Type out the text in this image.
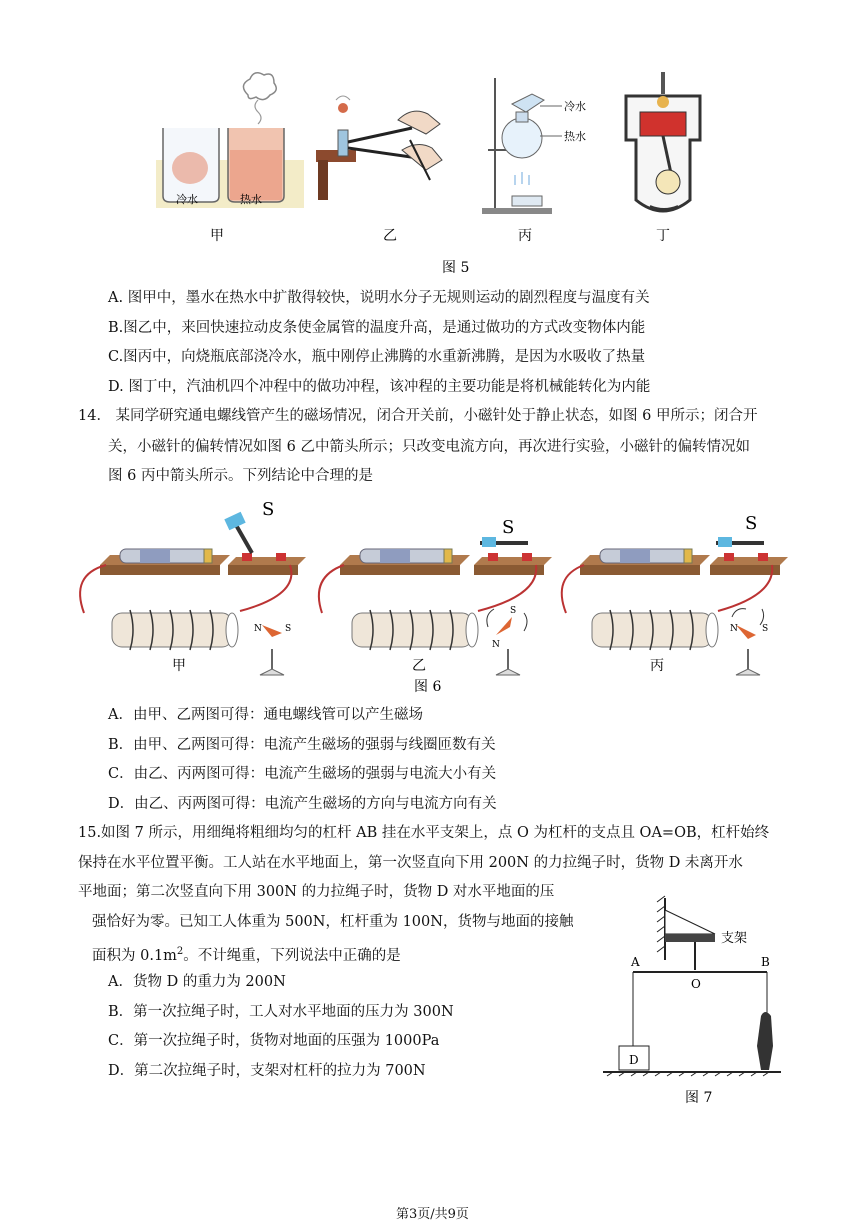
冷水	热水
冷水
热水
甲	乙	丙	丁
图 5
A. 图甲中，墨水在热水中扩散得较快，说明水分子无规则运动的剧烈程度与温度有关
B.图乙中，来回快速拉动皮条使金属管的温度升高，是通过做功的方式改变物体内能
C.图丙中，向烧瓶底部浇冷水，瓶中刚停止沸腾的水重新沸腾，是因为水吸收了热量
D. 图丁中，汽油机四个冲程中的做功冲程，该冲程的主要功能是将机械能转化为内能
14． 某同学研究通电螺线管产生的磁场情况，闭合开关前，小磁针处于静止状态，如图 6 甲所示；闭合开
关，小磁针的偏转情况如图 6 乙中箭头所示；只改变电流方向，再次进行实验，小磁针的偏转情况如
图 6 丙中箭头所示。下列结论中合理的是
S
N	S
S
N
S
S
N	S
甲	乙	丙
图 6
A．由甲、乙两图可得：通电螺线管可以产生磁场
B．由甲、乙两图可得：电流产生磁场的强弱与线圈匝数有关
C．由乙、丙两图可得：电流产生磁场的强弱与电流大小有关
D．由乙、丙两图可得：电流产生磁场的方向与电流方向有关
15.如图 7 所示，用细绳将粗细均匀的杠杆 AB 挂在水平支架上，点 O 为杠杆的支点且 OA=OB，杠杆始终
保持在水平位置平衡。工人站在水平地面上，第一次竖直向下用 200N 的力拉绳子时，货物 D 未离开水
平地面；第二次竖直向下用 300N 的力拉绳子时，货物 D 对水平地面的压
强恰好为零。已知工人体重为 500N，杠杆重为 100N，货物与地面的接触
面积为 $0.1m^2$。不计绳重，下列说法中正确的是
A．货物 D 的重力为 200N
B．第一次拉绳子时，工人对水平地面的压力为 300N
C．第一次拉绳子时，货物对地面的压强为 1000Pa
D．第二次拉绳子时，支架对杠杆的拉力为 700N
支架
A	B
O
D
图 7
第3页/共9页
